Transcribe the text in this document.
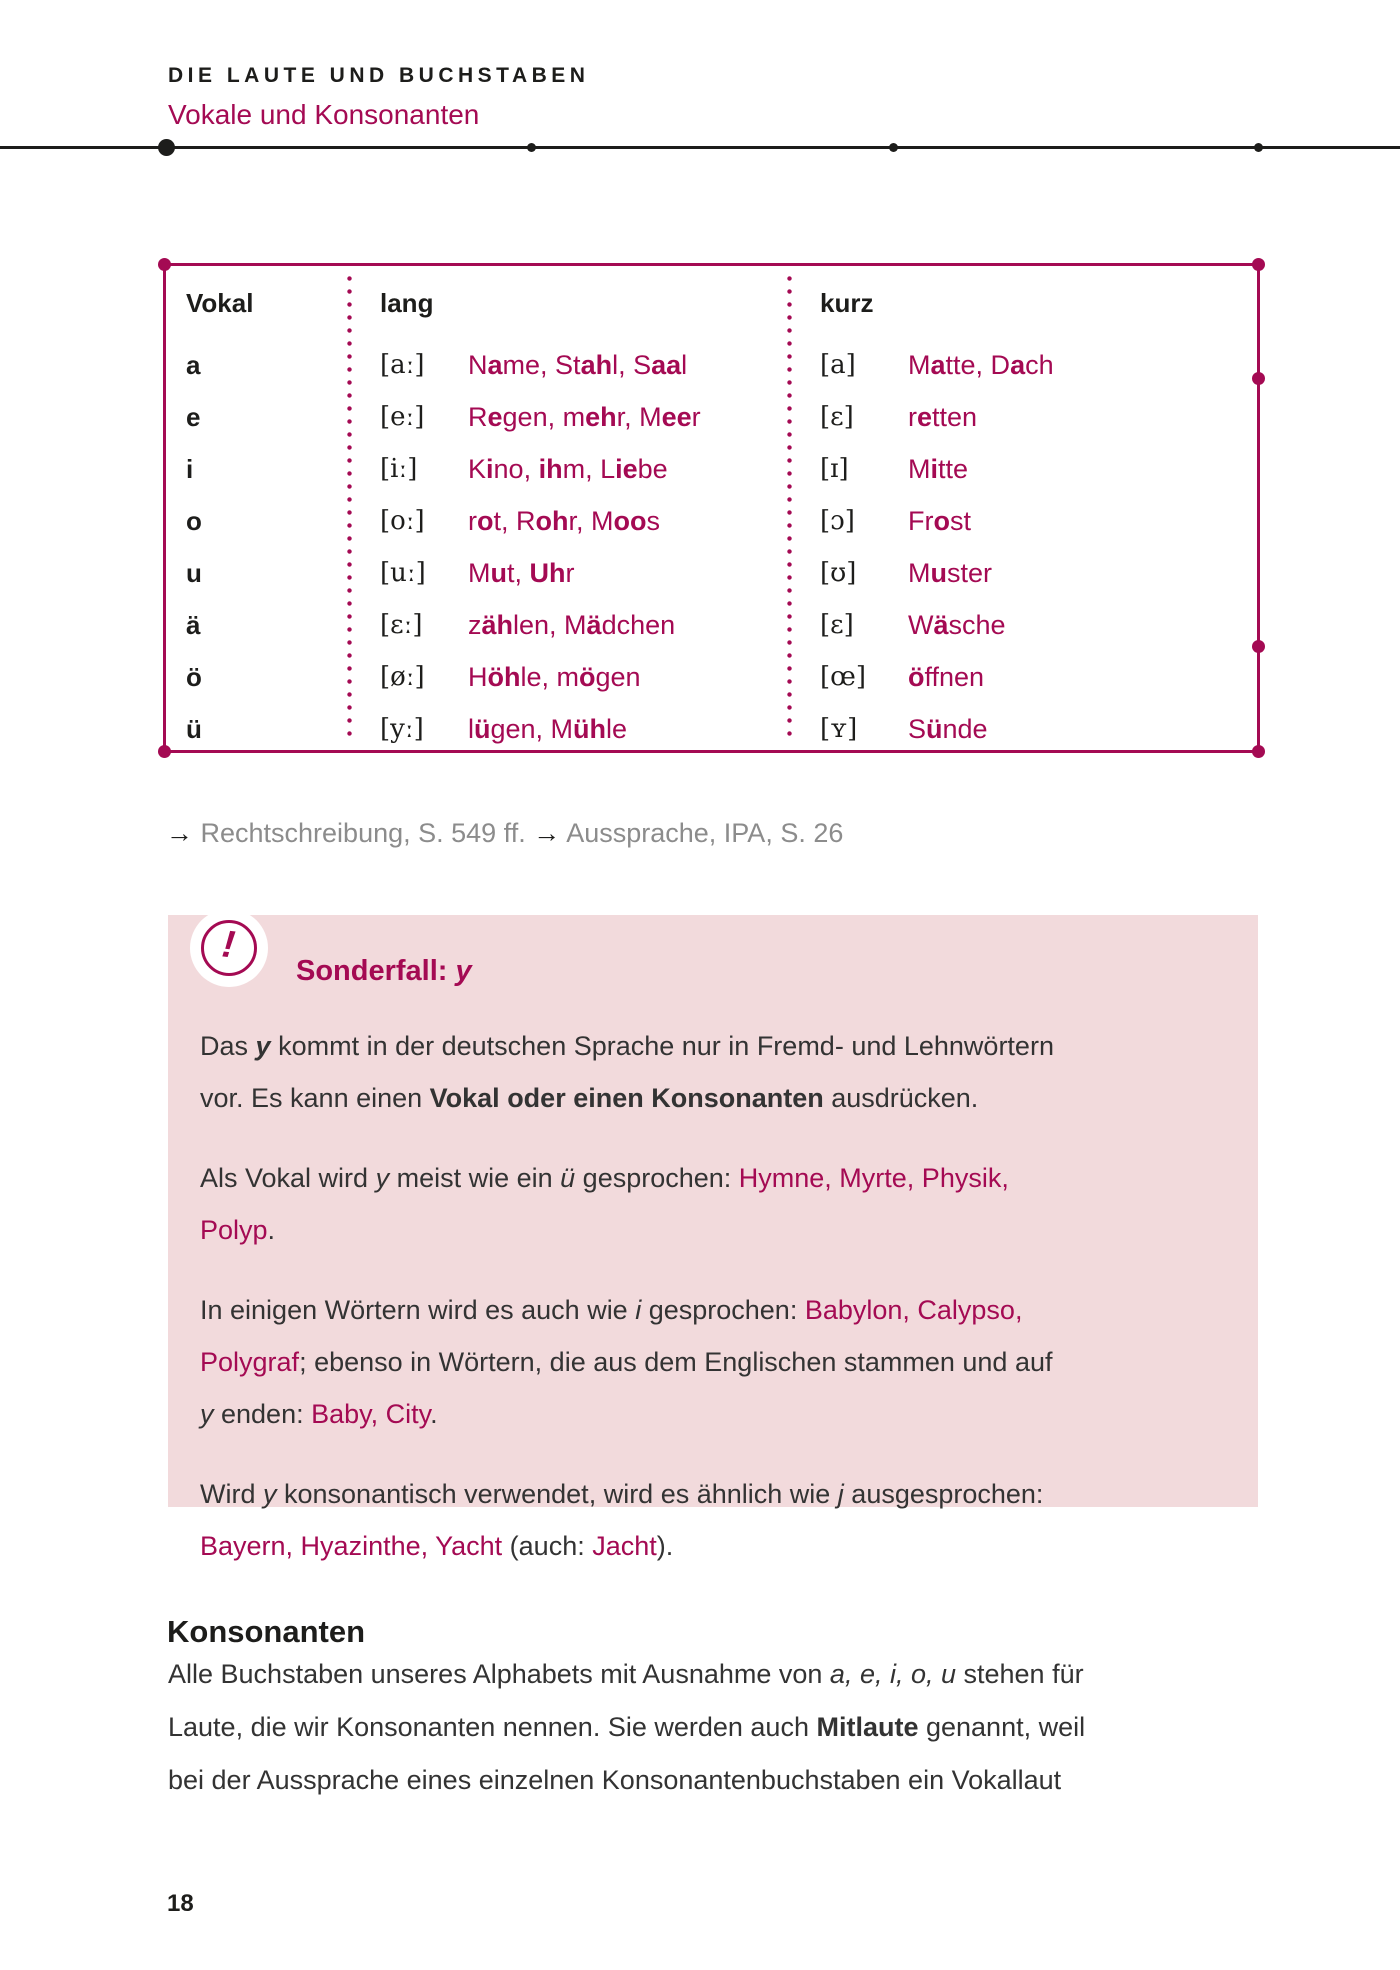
DIE LAUTE UND BUCHSTABEN
Vokale und Konsonanten
Vokal	lang	kurz
a	[aː]	Name, Stahl, Saal	[a]	Matte, Dach
e	[eː]	Regen, mehr, Meer	[ɛ]	retten
i	[iː]	Kino, ihm, Liebe	[ɪ]	Mitte
o	[oː]	rot, Rohr, Moos	[ɔ]	Frost
u	[uː]	Mut, Uhr	[ʊ]	Muster
ä	[ɛː]	zählen, Mädchen	[ɛ]	Wäsche
ö	[øː]	Höhle, mögen	[œ]	öffnen
ü	[yː]	lügen, Mühle	[ʏ]	Sünde
→ Rechtschreibung, S. 549 ff. → Aussprache, IPA, S. 26
!
Sonderfall: y

Das y kommt in der deutschen Sprache nur in Fremd- und Lehnwörtern
vor. Es kann einen Vokal oder einen Konsonanten ausdrücken.

Als Vokal wird y meist wie ein ü gesprochen: Hymne, Myrte, Physik,
Polyp.

In einigen Wörtern wird es auch wie i gesprochen: Babylon, Calypso,
Polygraf; ebenso in Wörtern, die aus dem Englischen stammen und auf
y enden: Baby, City.

Wird y konsonantisch verwendet, wird es ähnlich wie j ausgesprochen:
Bayern, Hyazinthe, Yacht (auch: Jacht).

Konsonanten
Alle Buchstaben unseres Alphabets mit Ausnahme von a, e, i, o, u stehen für
Laute, die wir Konsonanten nennen. Sie werden auch Mitlaute genannt, weil
bei der Aussprache eines einzelnen Konsonantenbuchstaben ein Vokallaut
18
